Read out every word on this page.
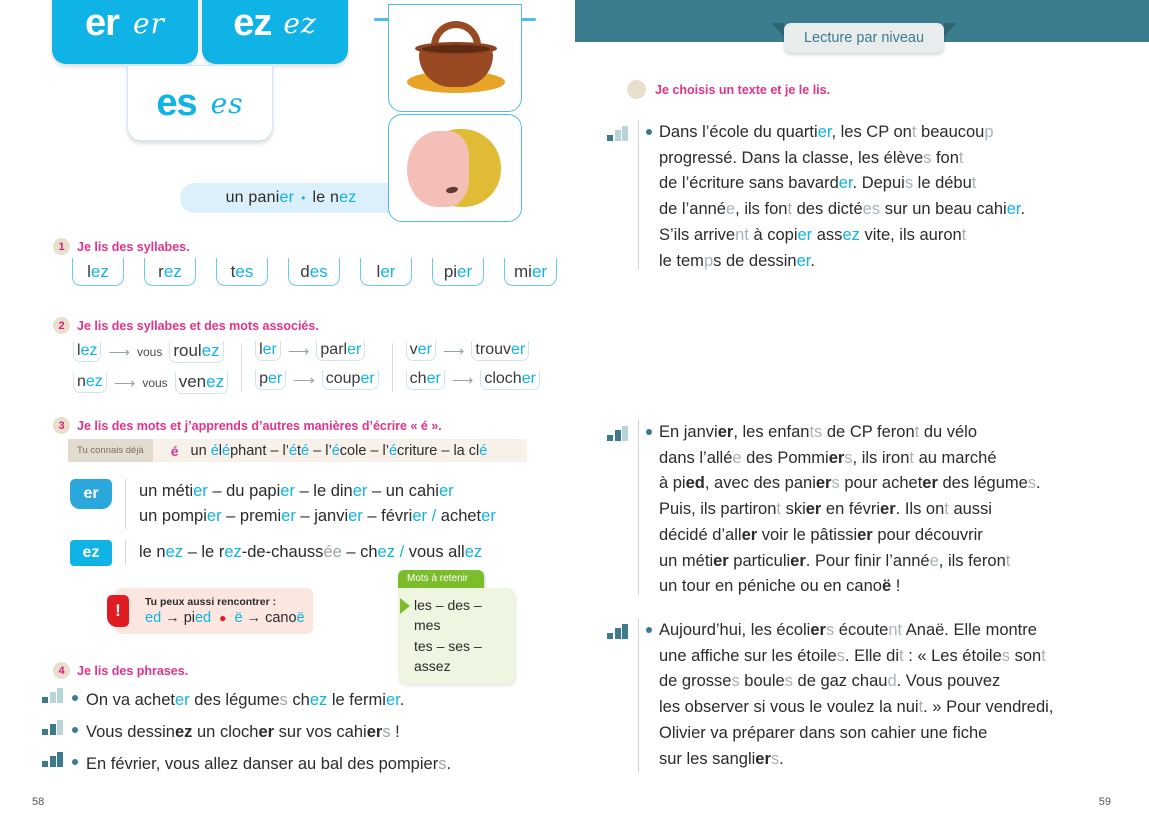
er er ez ez
es es
un panier • le nez
1 Je lis des syllabes.
l ez	r ez	t es	d es	l er	pi er	mi er
2 Je lis des syllabes et des mots associés.
lez ⟶ vous roulez
nez ⟶ vous venez
ler ⟶ parler
per ⟶ couper
ver ⟶ trouver
cher ⟶ clocher
3 Je lis des mots et j’apprends d’autres manières d’écrire « é ».
Tu connais déjà	é un éléphant – l’été – l’école – l’écriture – la clé
er	un métier – du papier – le diner – un cahier
un pompier – premier – janvier – février / acheter
ez	le nez – le rez-de-chaussée – chez / vous allez
!	Tu peux aussi rencontrer :
ed → pied ● ë → canoë
Mots à retenir
les – des – mes
tes – ses – assez
4 Je lis des phrases.
On va acheter des légumes chez le fermier.
Vous dessinez un clocher sur vos cahiers !
En février, vous allez danser au bal des pompiers.
58
Lecture par niveau
Je choisis un texte et je le lis.
Dans l’école du quartier, les CP ont beaucoup
progressé. Dans la classe, les élèves font
de l’écriture sans bavarder. Depuis le début
de l’année, ils font des dictées sur un beau cahier.
S’ils arrivent à copier assez vite, ils auront
le temps de dessiner.
En janvier, les enfants de CP feront du vélo
dans l’allée des Pommiers, ils iront au marché
à pied, avec des paniers pour acheter des légumes.
Puis, ils partiront skier en février. Ils ont aussi
décidé d’aller voir le pâtissier pour découvrir
un métier particulier. Pour finir l’année, ils feront
un tour en péniche ou en canoë !
Aujourd’hui, les écoliers écoutent Anaë. Elle montre
une affiche sur les étoiles. Elle dit : « Les étoiles sont
de grosses boules de gaz chaud. Vous pouvez
les observer si vous le voulez la nuit. » Pour vendredi,
Olivier va préparer dans son cahier une fiche
sur les sangliers.
59
